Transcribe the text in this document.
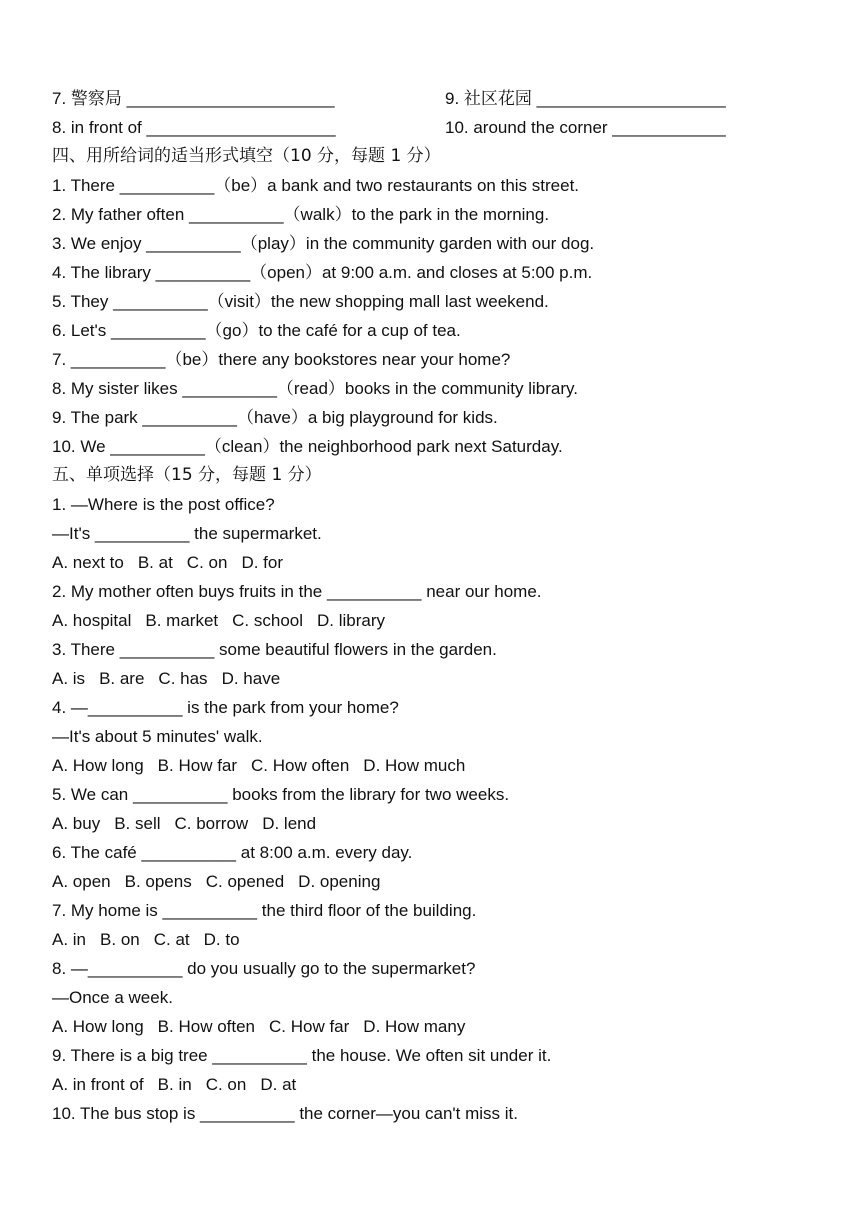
7. 警察局 ______________________	9. 社区花园 ____________________
8. in front of ____________________	10. around the corner ____________
四、用所给词的适当形式填空（10 分，每题 1 分）
1. There __________（be）a bank and two restaurants on this street.
2. My father often __________（walk）to the park in the morning.
3. We enjoy __________（play）in the community garden with our dog.
4. The library __________（open）at 9:00 a.m. and closes at 5:00 p.m.
5. They __________（visit）the new shopping mall last weekend.
6. Let's __________（go）to the café for a cup of tea.
7. __________（be）there any bookstores near your home?
8. My sister likes __________（read）books in the community library.
9. The park __________（have）a big playground for kids.
10. We __________（clean）the neighborhood park next Saturday.
五、单项选择（15 分，每题 1 分）
1. —Where is the post office?
—It's __________ the supermarket.
A. next to B. at C. on D. for
2. My mother often buys fruits in the __________ near our home.
A. hospital B. market C. school D. library
3. There __________ some beautiful flowers in the garden.
A. is B. are C. has D. have
4. —__________ is the park from your home?
—It's about 5 minutes' walk.
A. How long B. How far C. How often D. How much
5. We can __________ books from the library for two weeks.
A. buy B. sell C. borrow D. lend
6. The café __________ at 8:00 a.m. every day.
A. open B. opens C. opened D. opening
7. My home is __________ the third floor of the building.
A. in B. on C. at D. to
8. —__________ do you usually go to the supermarket?
—Once a week.
A. How long B. How often C. How far D. How many
9. There is a big tree __________ the house. We often sit under it.
A. in front of B. in C. on D. at
10. The bus stop is __________ the corner—you can't miss it.
